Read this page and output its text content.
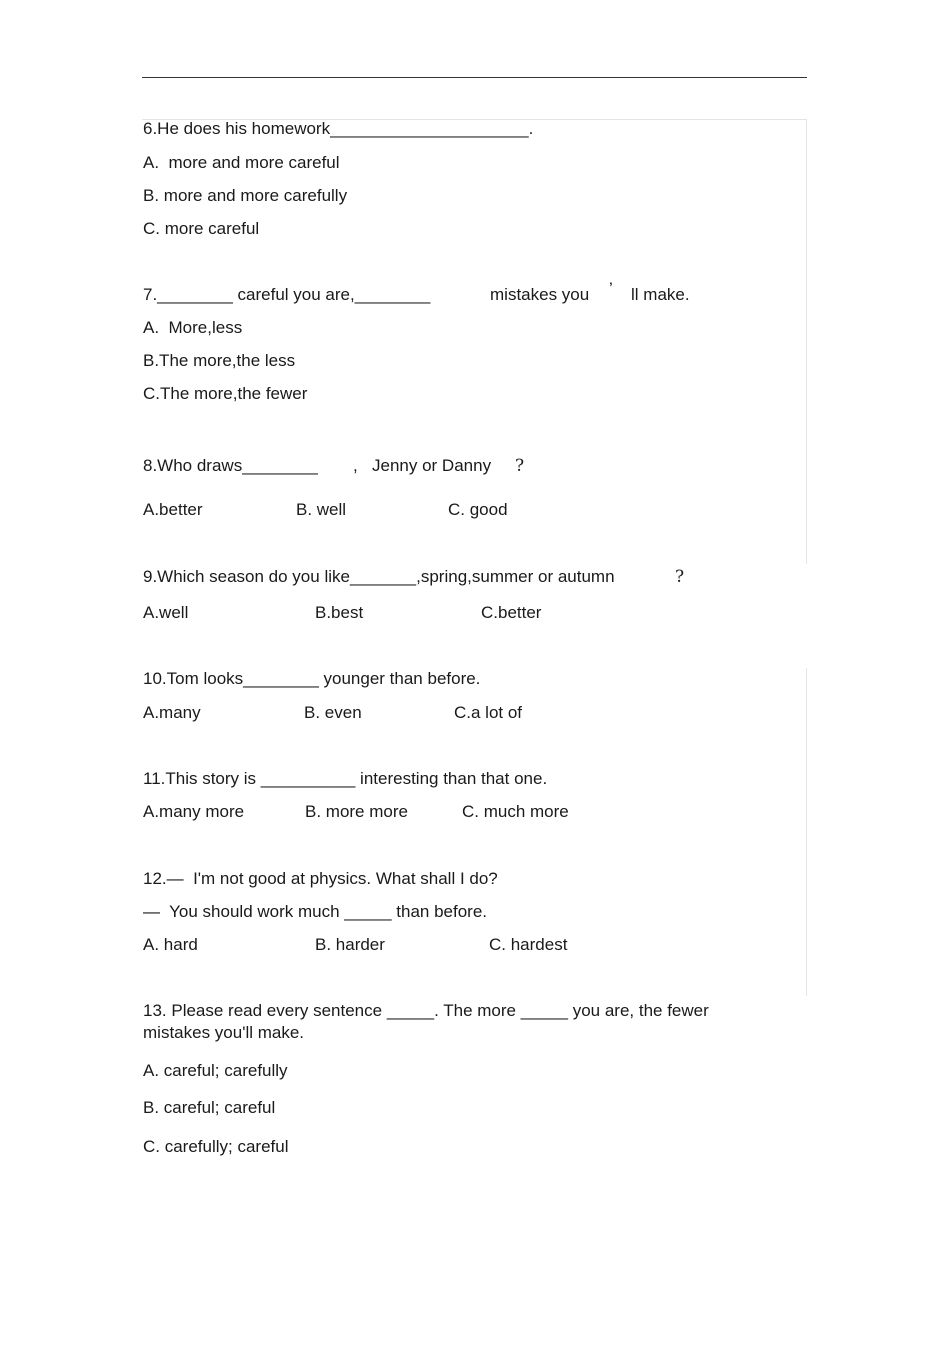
6.He does his homework_____________________.
A.  more and more careful
B. more and more carefully
C. more careful
7.________ careful you are,________	mistakes you ’ ll make.
A.  More,less
B.The more,the less
C.The more,the fewer
8.Who draws________ , Jenny or Danny ?
A.better	B. well	C. good
9.Which season do you like_______,spring,summer or autumn	?
A.well	B.best	C.better
10.Tom looks________ younger than before.
A.many	B. even	C.a lot of
11.This story is __________ interesting than that one.
A.many more	B. more more	C. much more
12.—  I'm not good at physics. What shall I do?
—  You should work much _____ than before.
A. hard	B. harder	C. hardest
13. Please read every sentence _____. The more _____ you are, the fewer mistakes you'll make.
A. careful; carefully
B. careful; careful
C. carefully; careful
